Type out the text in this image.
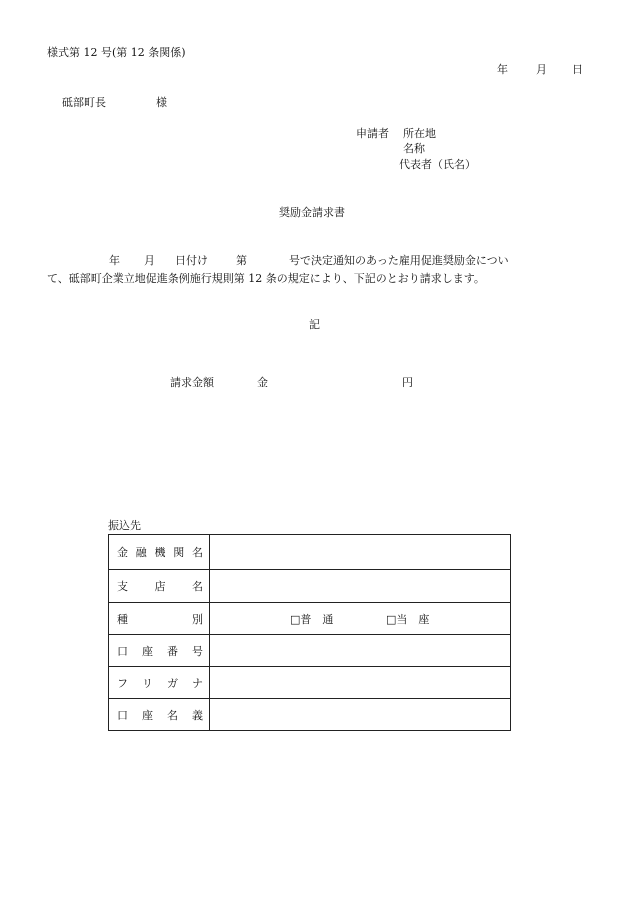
様式第 12 号(第 12 条関係)
年	月 日
砥部町長	様
申請者 所在地
名称
代表者（氏名）
奨励金請求書
年 月 日付け	第	号で決定通知のあった雇用促進奨励金につい
て、砥部町企業立地促進条例施行規則第 12 条の規定により、下記のとおり請求します。
記
請求金額	金	円
振込先
金 融 機 関 名	

支 店 名	

種 別	□普　通 □当　座

口 座 番 号	

フ リ ガ ナ	

口 座 名 義	
